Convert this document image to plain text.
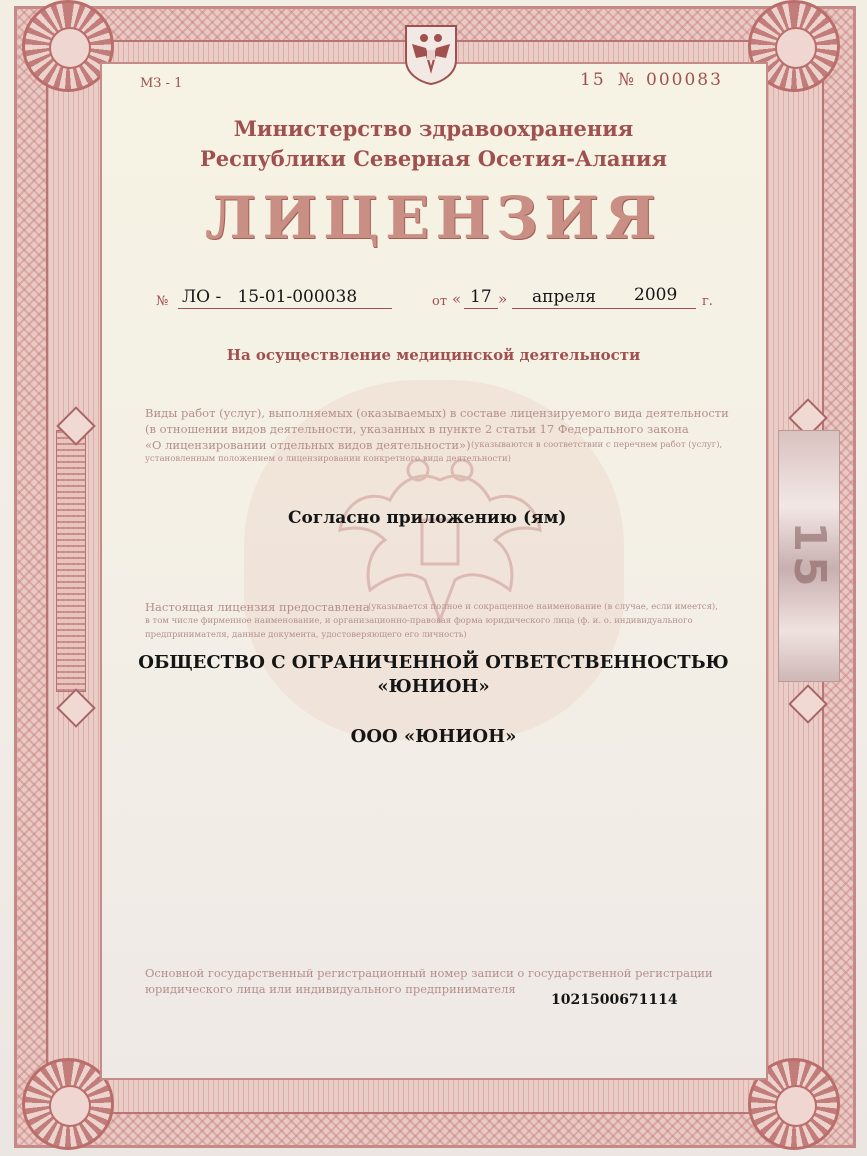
15

МЗ - 1	15 № 000083

Министерство здравоохранения

Республики Северная Осетия-Алания

ЛИЦЕНЗИЯ

№ ЛО -   15-01-000038	от « 17 » апреля 2009 г.

На осуществление медицинской деятельности

Виды работ (услуг), выполняемых (оказываемых) в составе лицензируемого вида деятельности

(в отношении видов деятельности, указанных в пункте 2 статьи 17 Федерального закона

«О лицензировании отдельных видов деятельности») (указываются в соответствии с перечнем работ (услуг),

установленным положением о лицензировании конкретного вида деятельности)

Согласно приложению (ям)

Настоящая лицензия предоставлена

(указывается полное и сокращенное наименование (в случае, если имеется),

в том числе фирменное наименование, и организационно-правовая форма юридического лица (ф. и. о. индивидуального

предпринимателя, данные документа, удостоверяющего его личность)

ОБЩЕСТВО С ОГРАНИЧЕННОЙ ОТВЕТСТВЕННОСТЬЮ

«ЮНИОН»

ООО «ЮНИОН»

Основной государственный регистрационный номер записи о государственной регистрации

юридического лица или индивидуального предпринимателя

1021500671114
